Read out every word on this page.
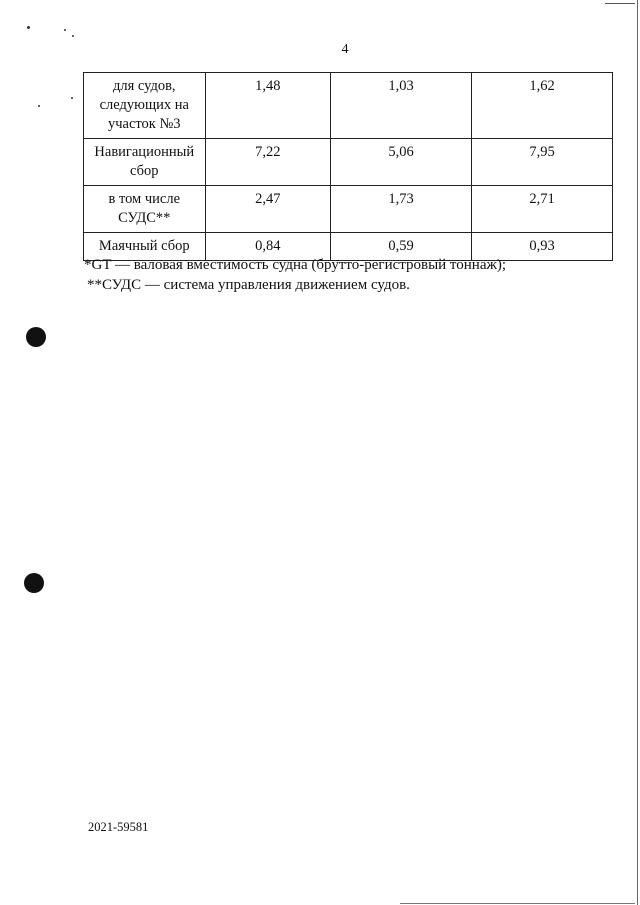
4
для судов, следующих на участок №3	1,48	1,03	1,62
Навигационный сбор	7,22	5,06	7,95
в том числе СУДС**	2,47	1,73	2,71
Маячный сбор	0,84	0,59	0,93
*GT — валовая вместимость судна (брутто-регистровый тоннаж);
**СУДС — система управления движением судов.
2021-59581
